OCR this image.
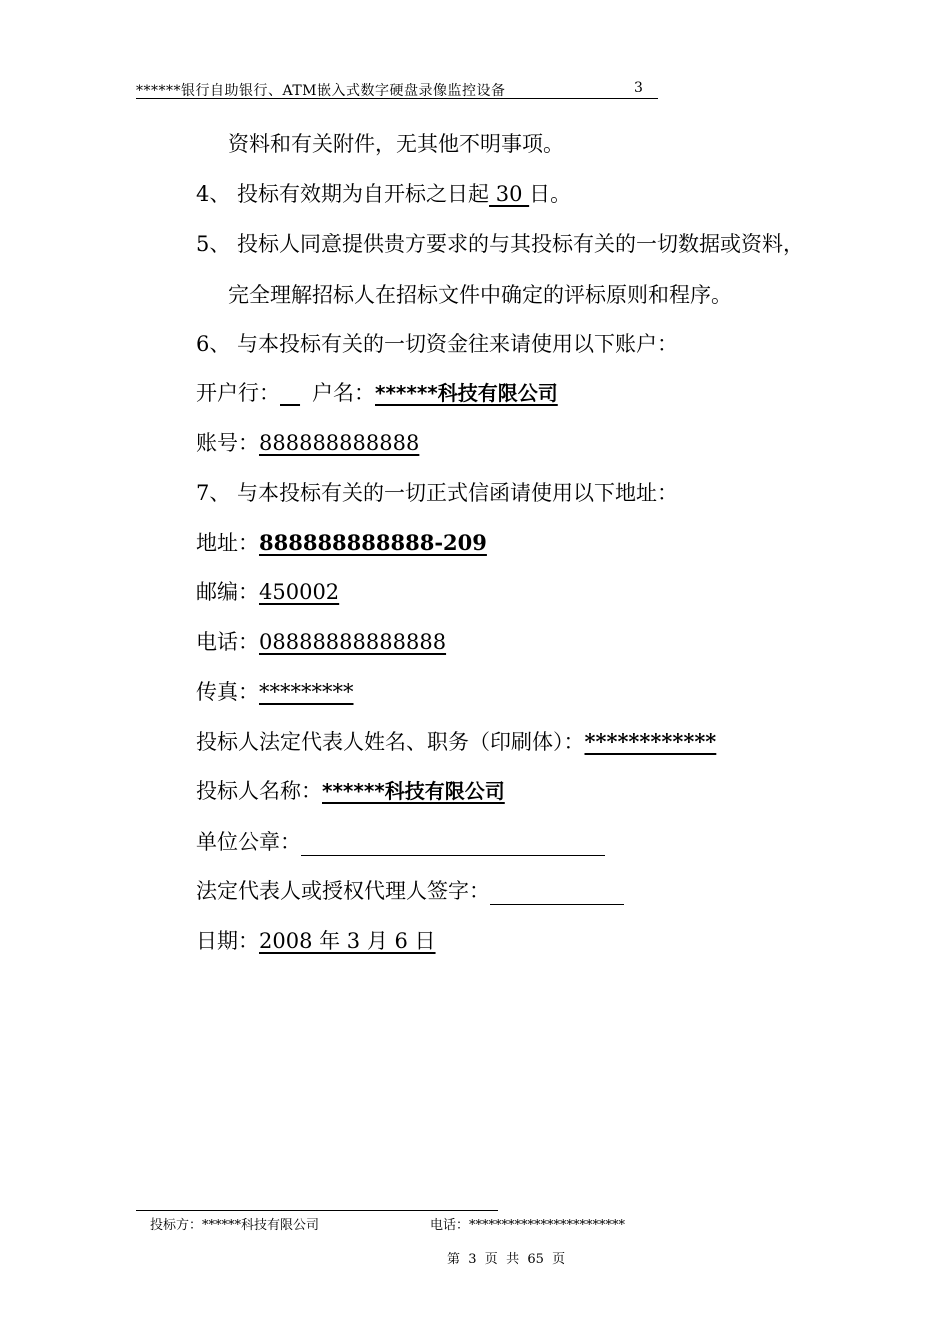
******银行自助银行、ATM嵌入式数字硬盘录像监控设备	3
资料和有关附件，无其他不明事项。
4、 投标有效期为自开标之日起 30 日。
5、 投标人同意提供贵方要求的与其投标有关的一切数据或资料，
完全理解招标人在招标文件中确定的评标原则和程序。
6、 与本投标有关的一切资金往来请使用以下账户：
开户行： 户名：******科技有限公司
账号：888888888888
7、 与本投标有关的一切正式信函请使用以下地址：
地址：888888888888-209
邮编：450002
电话：08888888888888
传真：*********
投标人法定代表人姓名、职务（印刷体）：************
投标人名称：******科技有限公司
单位公章：
法定代表人或授权代理人签字：
日期：2008 年 3 月 6 日
投标方：******科技有限公司	电话：************************
第  3  页  共  65  页
